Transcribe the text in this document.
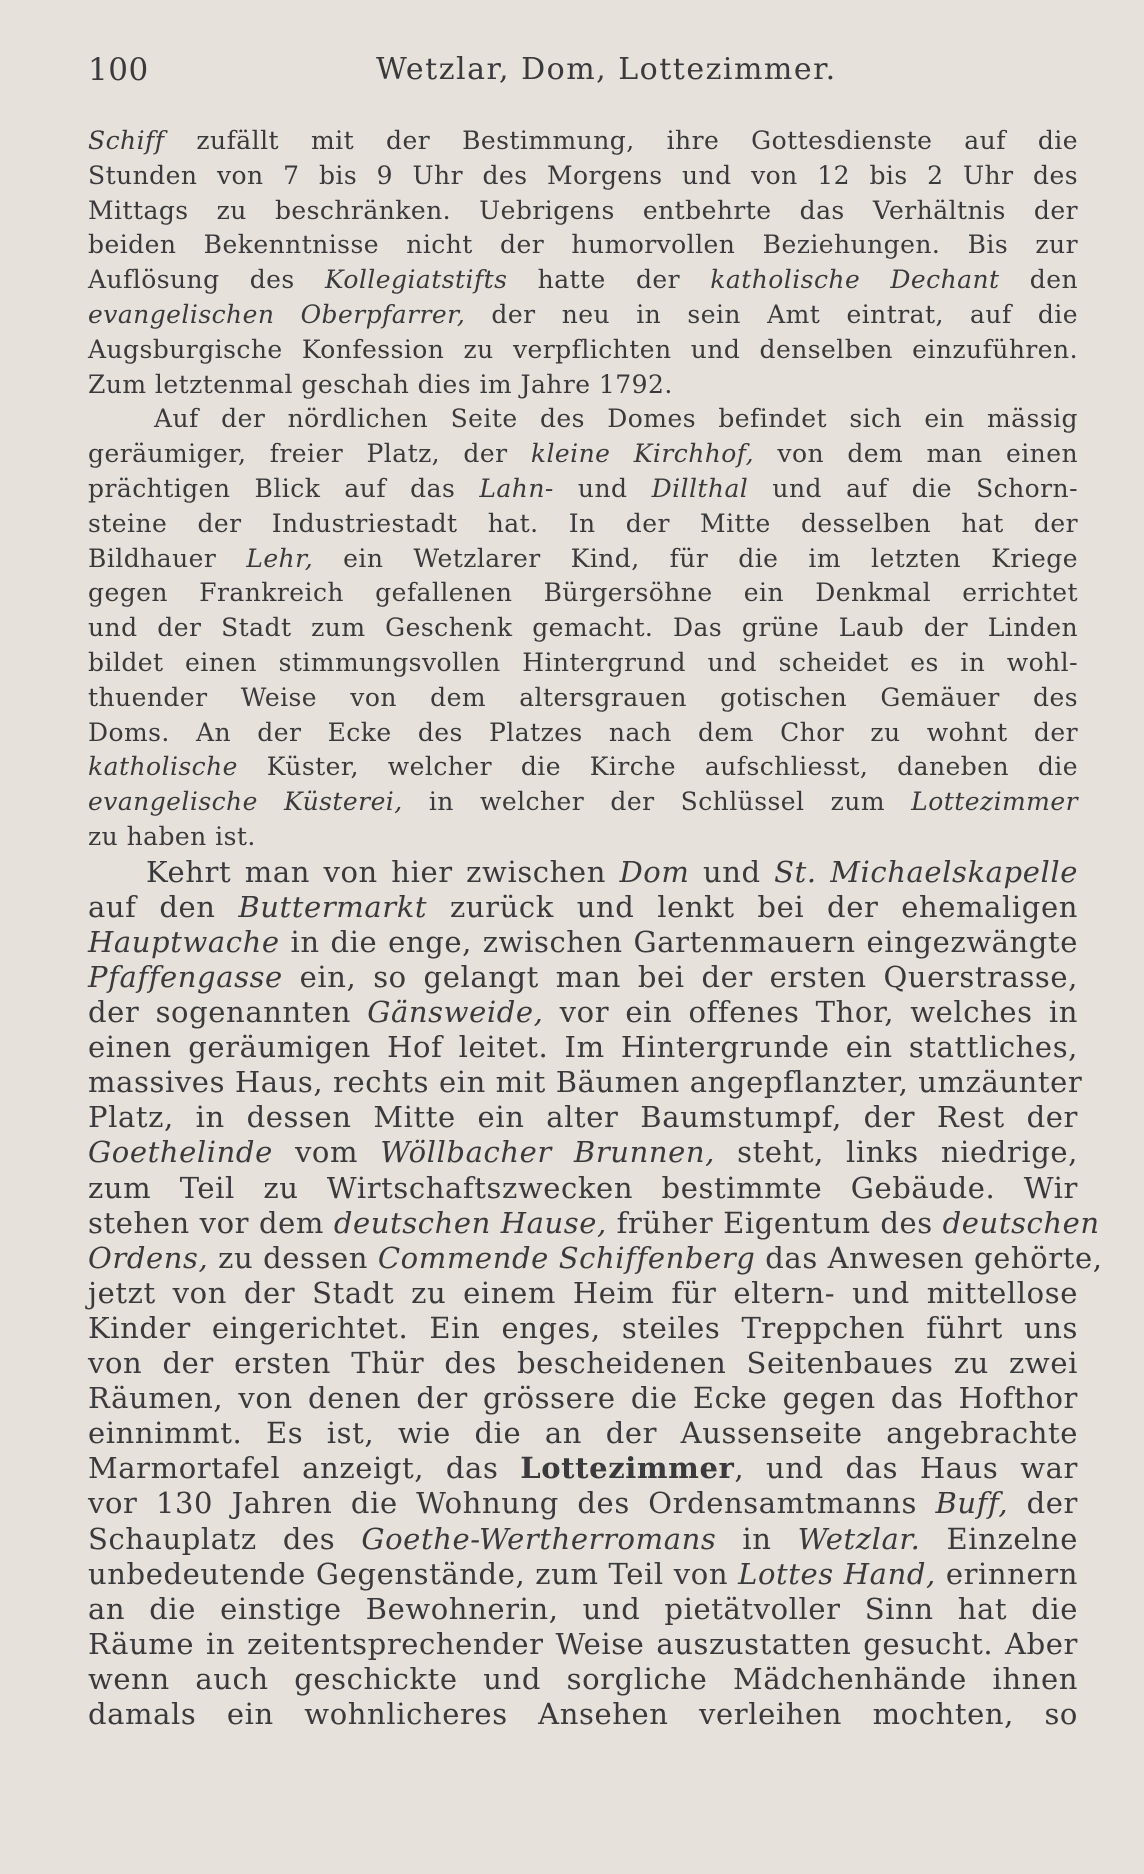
100	Wetzlar, Dom, Lottezimmer.
Schiff zufällt mit der Bestimmung, ihre Gottesdienste auf die
Stunden von 7 bis 9 Uhr des Morgens und von 12 bis 2 Uhr des
Mittags zu beschränken. Uebrigens entbehrte das Verhältnis der
beiden Bekenntnisse nicht der humorvollen Beziehungen. Bis zur
Auflösung des Kollegiatstifts hatte der katholische Dechant den
evangelischen Oberpfarrer, der neu in sein Amt eintrat, auf die
Augsburgische Konfession zu verpflichten und denselben einzuführen.
Zum letztenmal geschah dies im Jahre 1792.
Auf der nördlichen Seite des Domes befindet sich ein mässig
geräumiger, freier Platz, der kleine Kirchhof, von dem man einen
prächtigen Blick auf das Lahn- und Dillthal und auf die Schorn-
steine der Industriestadt hat. In der Mitte desselben hat der
Bildhauer Lehr, ein Wetzlarer Kind, für die im letzten Kriege
gegen Frankreich gefallenen Bürgersöhne ein Denkmal errichtet
und der Stadt zum Geschenk gemacht. Das grüne Laub der Linden
bildet einen stimmungsvollen Hintergrund und scheidet es in wohl-
thuender Weise von dem altersgrauen gotischen Gemäuer des
Doms. An der Ecke des Platzes nach dem Chor zu wohnt der
katholische Küster, welcher die Kirche aufschliesst, daneben die
evangelische Küsterei, in welcher der Schlüssel zum Lottezimmer
zu haben ist.
Kehrt man von hier zwischen Dom und St. Michaelskapelle
auf den Buttermarkt zurück und lenkt bei der ehemaligen
Hauptwache in die enge, zwischen Gartenmauern eingezwängte
Pfaffengasse ein, so gelangt man bei der ersten Querstrasse,
der sogenannten Gänsweide, vor ein offenes Thor, welches in
einen geräumigen Hof leitet. Im Hintergrunde ein stattliches,
massives Haus, rechts ein mit Bäumen angepflanzter, umzäunter
Platz, in dessen Mitte ein alter Baumstumpf, der Rest der
Goethelinde vom Wöllbacher Brunnen, steht, links niedrige,
zum Teil zu Wirtschaftszwecken bestimmte Gebäude. Wir
stehen vor dem deutschen Hause, früher Eigentum des deutschen
Ordens, zu dessen Commende Schiffenberg das Anwesen gehörte,
jetzt von der Stadt zu einem Heim für eltern- und mittellose
Kinder eingerichtet. Ein enges, steiles Treppchen führt uns
von der ersten Thür des bescheidenen Seitenbaues zu zwei
Räumen, von denen der grössere die Ecke gegen das Hofthor
einnimmt. Es ist, wie die an der Aussenseite angebrachte
Marmortafel anzeigt, das Lottezimmer, und das Haus war
vor 130 Jahren die Wohnung des Ordensamtmanns Buff, der
Schauplatz des Goethe-Wertherromans in Wetzlar. Einzelne
unbedeutende Gegenstände, zum Teil von Lottes Hand, erinnern
an die einstige Bewohnerin, und pietätvoller Sinn hat die
Räume in zeitentsprechender Weise auszustatten gesucht. Aber
wenn auch geschickte und sorgliche Mädchenhände ihnen
damals ein wohnlicheres Ansehen verleihen mochten, so
